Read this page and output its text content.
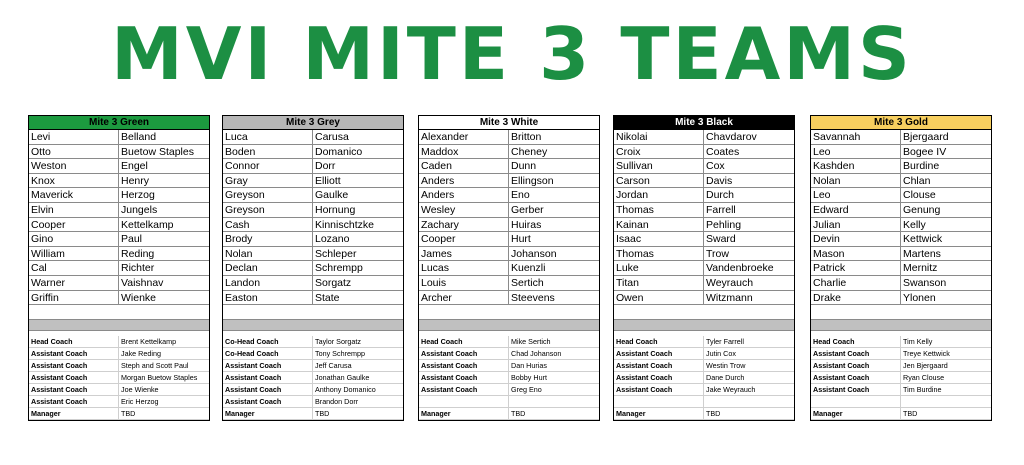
MVI MITE 3 TEAMS
Mite 3 Green
Levi	Belland
Otto	Buetow Staples
Weston	Engel
Knox	Henry
Maverick	Herzog
Elvin	Jungels
Cooper	Kettelkamp
Gino	Paul
William	Reding
Cal	Richter
Warner	Vaishnav
Griffin	Wienke
Head Coach	Brent Kettelkamp
Assistant Coach	Jake Reding
Assistant Coach	Steph and Scott Paul
Assistant Coach	Morgan Buetow Staples
Assistant Coach	Joe Wienke
Assistant Coach	Eric Herzog
Manager	TBD
Mite 3 Grey
Luca	Carusa
Boden	Domanico
Connor	Dorr
Gray	Elliott
Greyson	Gaulke
Greyson	Hornung
Cash	Kinnischtzke
Brody	Lozano
Nolan	Schleper
Declan	Schrempp
Landon	Sorgatz
Easton	State
Co-Head Coach	Taylor Sorgatz
Co-Head Coach	Tony Schrempp
Assistant Coach	Jeff Carusa
Assistant Coach	Jonathan Gaulke
Assistant Coach	Anthony Domanico
Assistant Coach	Brandon Dorr
Manager	TBD
Mite 3 White
Alexander	Britton
Maddox	Cheney
Caden	Dunn
Anders	Ellingson
Anders	Eno
Wesley	Gerber
Zachary	Huiras
Cooper	Hurt
James	Johanson
Lucas	Kuenzli
Louis	Sertich
Archer	Steevens
Head Coach	Mike Sertich
Assistant Coach	Chad Johanson
Assistant Coach	Dan Hurias
Assistant Coach	Bobby Hurt
Assistant Coach	Greg Eno
Manager	TBD
Mite 3 Black
Nikolai	Chavdarov
Croix	Coates
Sullivan	Cox
Carson	Davis
Jordan	Durch
Thomas	Farrell
Kainan	Pehling
Isaac	Sward
Thomas	Trow
Luke	Vandenbroeke
Titan	Weyrauch
Owen	Witzmann
Head Coach	Tyler Farrell
Assistant Coach	Jutin Cox
Assistant Coach	Westin Trow
Assistant Coach	Dane Durch
Assistant Coach	Jake Weyrauch
Manager	TBD
Mite 3 Gold
Savannah	Bjergaard
Leo	Bogee IV
Kashden	Burdine
Nolan	Chlan
Leo	Clouse
Edward	Genung
Julian	Kelly
Devin	Kettwick
Mason	Martens
Patrick	Mernitz
Charlie	Swanson
Drake	Ylonen
Head Coach	Tim Kelly
Assistant Coach	Treye Kettwick
Assistant Coach	Jen Bjergaard
Assistant Coach	Ryan Clouse
Assistant Coach	Tim Burdine
Manager	TBD
